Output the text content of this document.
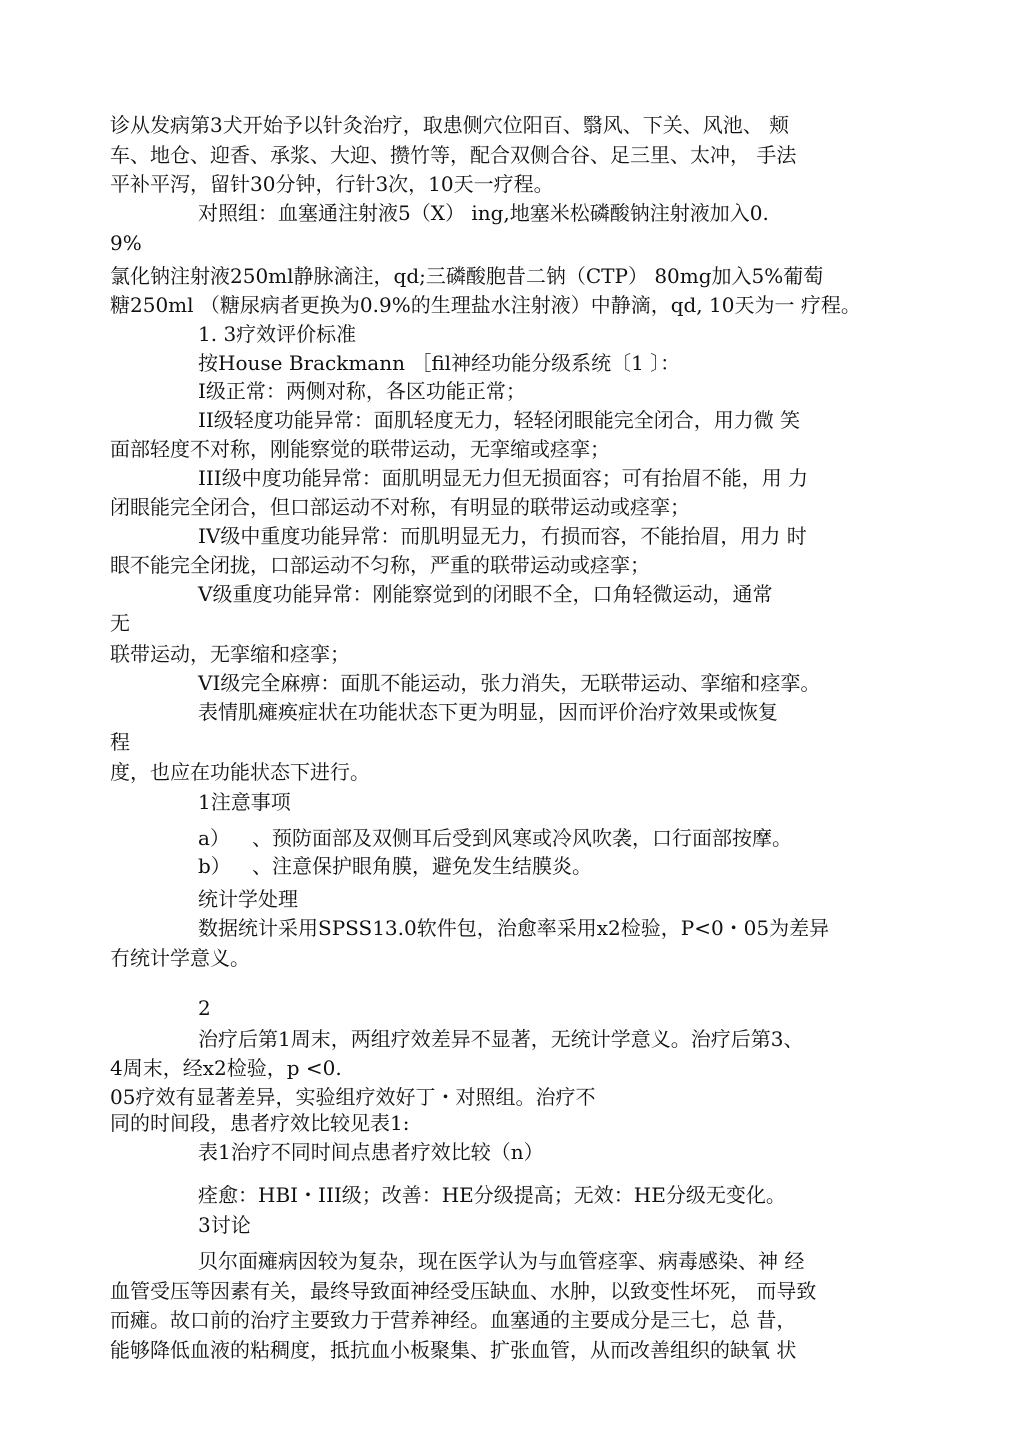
诊从发病第3犬开始予以针灸治疗，取患侧穴位阳百、翳风、下关、风池、 颊
车、地仓、迎香、承浆、大迎、攒竹等，配合双侧合谷、足三里、太冲， 手法
平补平泻，留针30分钟，行针3次，10天一疗程。
对照组：血塞通注射液5（X） ing,地塞米松磷酸钠注射液加入0.
9%
氯化钠注射液250ml静脉滴注，qd;三磷酸胞昔二钠（CTP） 80mg加入5%葡萄
糖250ml （糖尿病者更换为0.9%的生理盐水注射液）中静滴，qd, 10天为一 疗程。
1. 3疗效评价标准
按House Brackmann ［fil神经功能分级系统〔1 〕：
I级正常：两侧对称，各区功能正常；
II级轻度功能异常：面肌轻度无力，轻轻闭眼能完全闭合，用力微 笑
面部轻度不对称，刚能察觉的联带运动，无挛缩或痉挛；
III级中度功能异常：面肌明显无力但无损面容；可有抬眉不能，用 力
闭眼能完全闭合，但口部运动不对称，有明显的联带运动或痉挛；
IV级中重度功能异常：而肌明显无力，冇损而容，不能抬眉，用力 时
眼不能完全闭拢，口部运动不匀称，严重的联带运动或痉挛；
V级重度功能异常：刚能察觉到的闭眼不全，口角轻微运动，通常
无
联带运动，无挛缩和痉挛；
VI级完全麻痹：面肌不能运动，张力消失，无联带运动、挛缩和痉挛。
表情肌瘫痪症状在功能状态下更为明显，因而评价治疗效果或恢复
程
度，也应在功能状态下进行。
1注意事项
a） 、预防面部及双侧耳后受到风寒或冷风吹袭，口行面部按摩。
b） 、注意保护眼角膜，避免发生结膜炎。
统计学处理
数据统计采用SPSS13.0软件包，治愈率采用x2检验，P<0・05为差异
冇统计学意义。
2
治疗后第1周末，两组疗效差异不显著，无统计学意义。治疗后第3、
4周末，经x2检验，p <0.
05疗效有显著差异，实验组疗效好丁・对照组。治疗不
同的时间段，患者疗效比较见表1:
表1治疗不同时间点患者疗效比较（n）
痊愈：HBI・III级；改善：HE分级提高；无效：HE分级无变化。
3讨论
贝尔面瘫病因较为复杂，现在医学认为与血管痉挛、病毒感染、神 经
血管受压等因素有关，最终导致面神经受压缺血、水肿，以致变性坏死， 而导致
而瘫。故口前的治疗主要致力于营养神经。血塞通的主要成分是三七，总 昔，
能够降低血液的粘稠度，抵抗血小板聚集、扩张血管，从而改善组织的缺氧 状
